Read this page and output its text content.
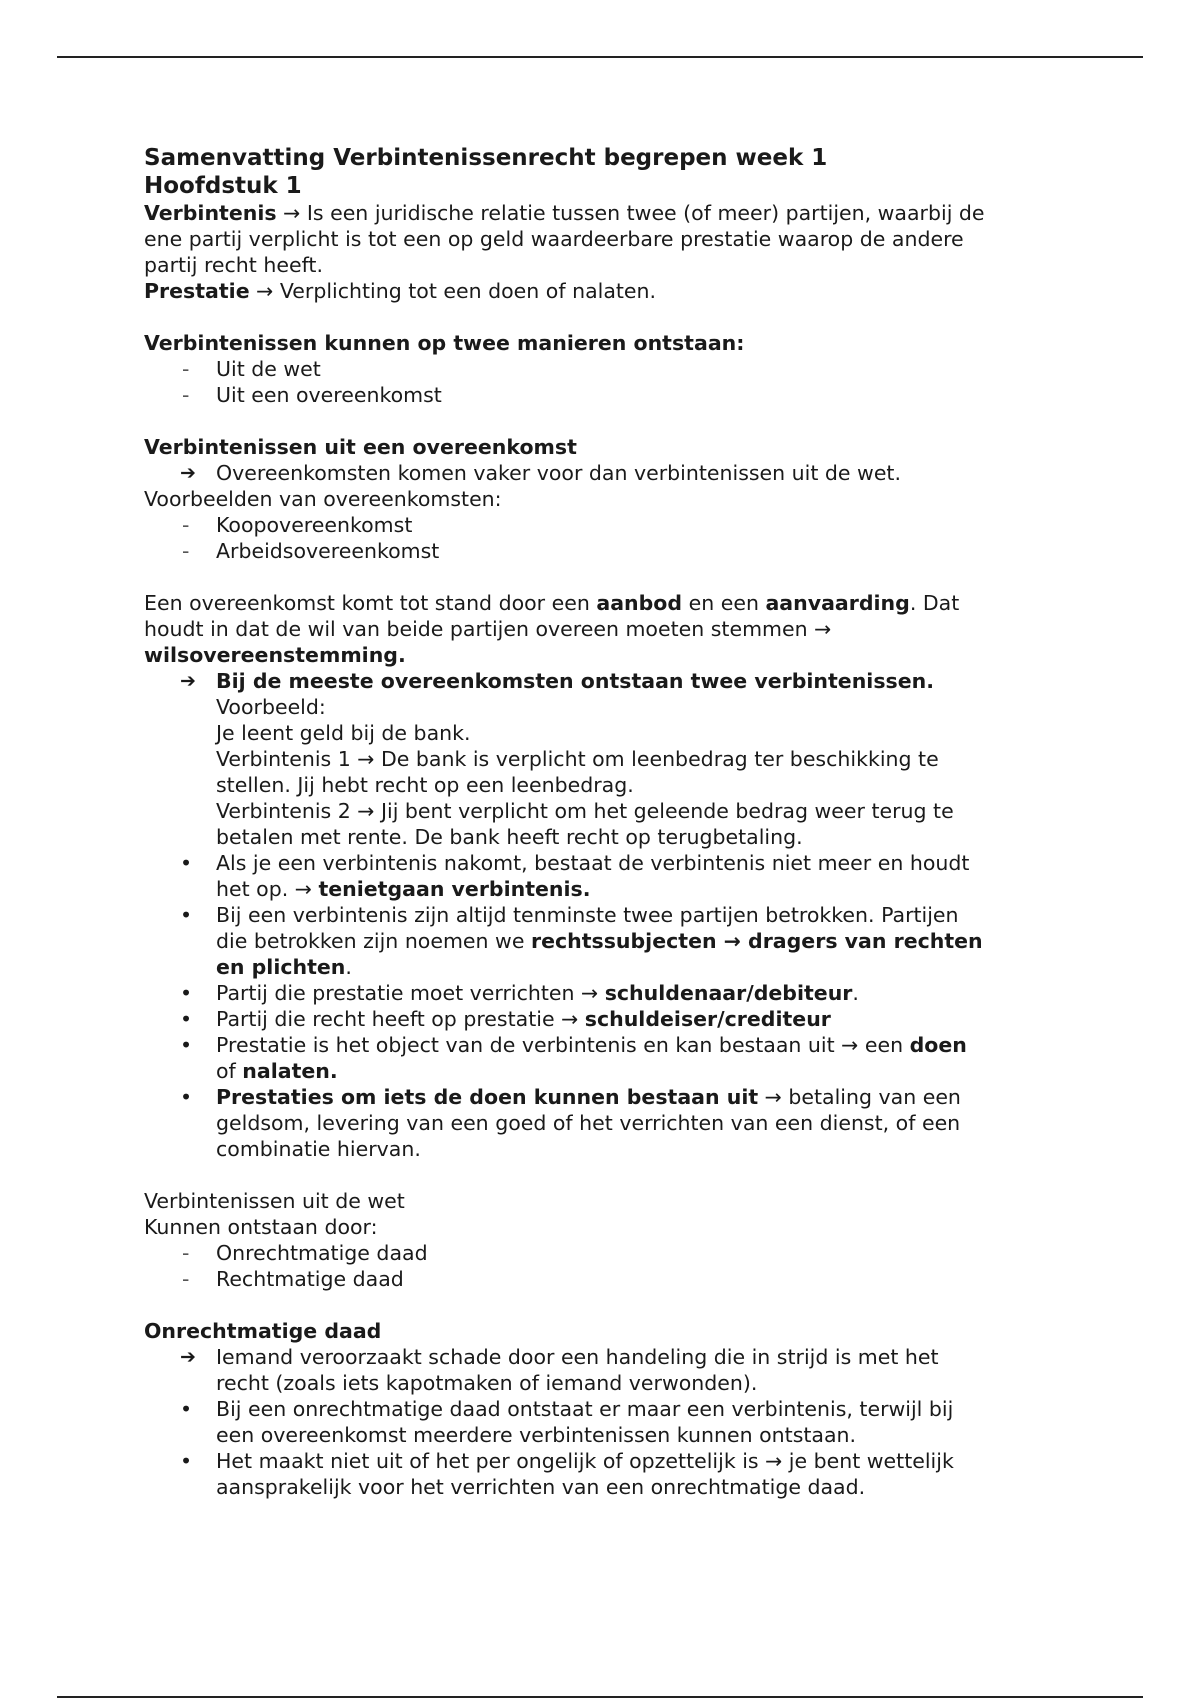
Samenvatting Verbintenissenrecht begrepen week 1
Hoofdstuk 1
Verbintenis → Is een juridische relatie tussen twee (of meer) partijen, waarbij de
ene partij verplicht is tot een op geld waardeerbare prestatie waarop de andere
partij recht heeft.
Prestatie → Verplichting tot een doen of nalaten.
Verbintenissen kunnen op twee manieren ontstaan:
- Uit de wet
- Uit een overeenkomst
Verbintenissen uit een overeenkomst
➔ Overeenkomsten komen vaker voor dan verbintenissen uit de wet.
Voorbeelden van overeenkomsten:
- Koopovereenkomst
- Arbeidsovereenkomst
Een overeenkomst komt tot stand door een aanbod en een aanvaarding. Dat
houdt in dat de wil van beide partijen overeen moeten stemmen →
wilsovereenstemming.
➔ Bij de meeste overeenkomsten ontstaan twee verbintenissen.
Voorbeeld:
Je leent geld bij de bank.
Verbintenis 1 → De bank is verplicht om leenbedrag ter beschikking te
stellen. Jij hebt recht op een leenbedrag.
Verbintenis 2 → Jij bent verplicht om het geleende bedrag weer terug te
betalen met rente. De bank heeft recht op terugbetaling.
• Als je een verbintenis nakomt, bestaat de verbintenis niet meer en houdt
het op. → tenietgaan verbintenis.
• Bij een verbintenis zijn altijd tenminste twee partijen betrokken. Partijen
die betrokken zijn noemen we rechtssubjecten → dragers van rechten
en plichten.
• Partij die prestatie moet verrichten → schuldenaar/debiteur.
• Partij die recht heeft op prestatie → schuldeiser/crediteur
• Prestatie is het object van de verbintenis en kan bestaan uit → een doen
of nalaten.
• Prestaties om iets de doen kunnen bestaan uit → betaling van een
geldsom, levering van een goed of het verrichten van een dienst, of een
combinatie hiervan.
Verbintenissen uit de wet
Kunnen ontstaan door:
- Onrechtmatige daad
- Rechtmatige daad
Onrechtmatige daad
➔ Iemand veroorzaakt schade door een handeling die in strijd is met het
recht (zoals iets kapotmaken of iemand verwonden).
• Bij een onrechtmatige daad ontstaat er maar een verbintenis, terwijl bij
een overeenkomst meerdere verbintenissen kunnen ontstaan.
• Het maakt niet uit of het per ongelijk of opzettelijk is → je bent wettelijk
aansprakelijk voor het verrichten van een onrechtmatige daad.
